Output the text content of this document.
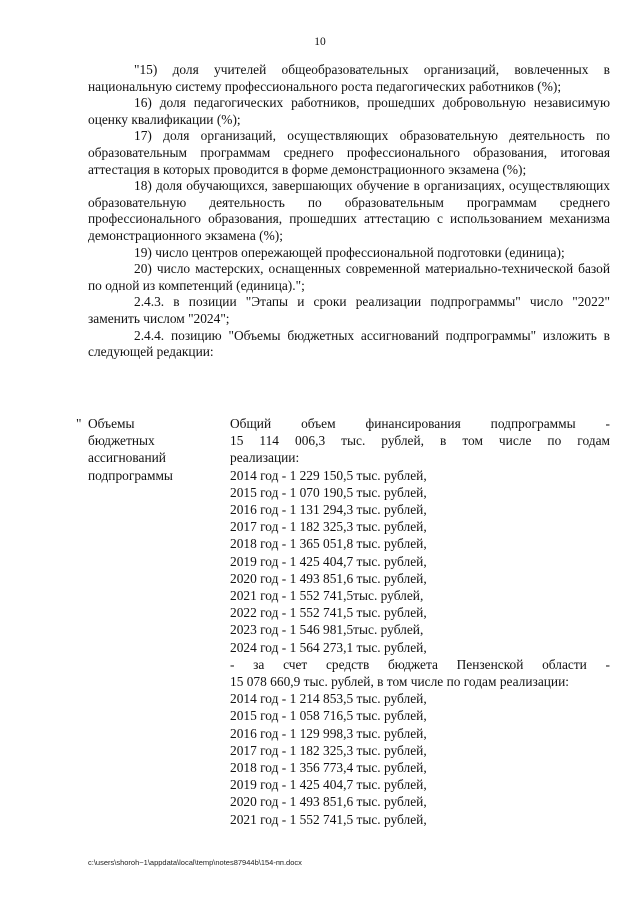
10

"15) доля учителей общеобразовательных организаций, вовлеченных в национальную систему профессионального роста педагогических работников (%);

16) доля педагогических работников, прошедших добровольную независимую оценку квалификации (%);

17) доля организаций, осуществляющих образовательную деятельность по образовательным программам среднего профессионального образования, итоговая аттестация в которых проводится в форме демонстрационного экзамена (%);

18) доля обучающихся, завершающих обучение в организациях, осуществляющих образовательную деятельность по образовательным программам среднего профессионального образования, прошедших аттестацию с использованием механизма демонстрационного экзамена (%);

19) число центров опережающей профессиональной подготовки (единица);

20) число мастерских, оснащенных современной материально-технической базой по одной из компетенций (единица).";

2.4.3. в позиции "Этапы и сроки реализации подпрограммы" число "2022" заменить числом "2024";

2.4.4. позицию "Объемы бюджетных ассигнований подпрограммы" изложить в следующей редакции:

" Объемы
бюджетных
ассигнований
подпрограммы
Общий объем финансирования подпрограммы -
15 114 006,3 тыс. рублей, в том числе по годам
реализации:
2014 год - 1 229 150,5 тыс. рублей,
2015 год - 1 070 190,5 тыс. рублей,
2016 год - 1 131 294,3 тыс. рублей,
2017 год - 1 182 325,3 тыс. рублей,
2018 год - 1 365 051,8 тыс. рублей,
2019 год - 1 425 404,7 тыс. рублей,
2020 год - 1 493 851,6 тыс. рублей,
2021 год - 1 552 741,5тыс. рублей,
2022 год - 1 552 741,5 тыс. рублей,
2023 год - 1 546 981,5тыс. рублей,
2024 год - 1 564 273,1 тыс. рублей,
- за счет средств бюджета Пензенской области -
15 078 660,9 тыс. рублей, в том числе по годам реализации:
2014 год - 1 214 853,5 тыс. рублей,
2015 год - 1 058 716,5 тыс. рублей,
2016 год - 1 129 998,3 тыс. рублей,
2017 год - 1 182 325,3 тыс. рублей,
2018 год - 1 356 773,4 тыс. рублей,
2019 год - 1 425 404,7 тыс. рублей,
2020 год - 1 493 851,6 тыс. рублей,
2021 год - 1 552 741,5 тыс. рублей,
c:\users\shoroh~1\appdata\local\temp\notes87944b\154-пп.docx
